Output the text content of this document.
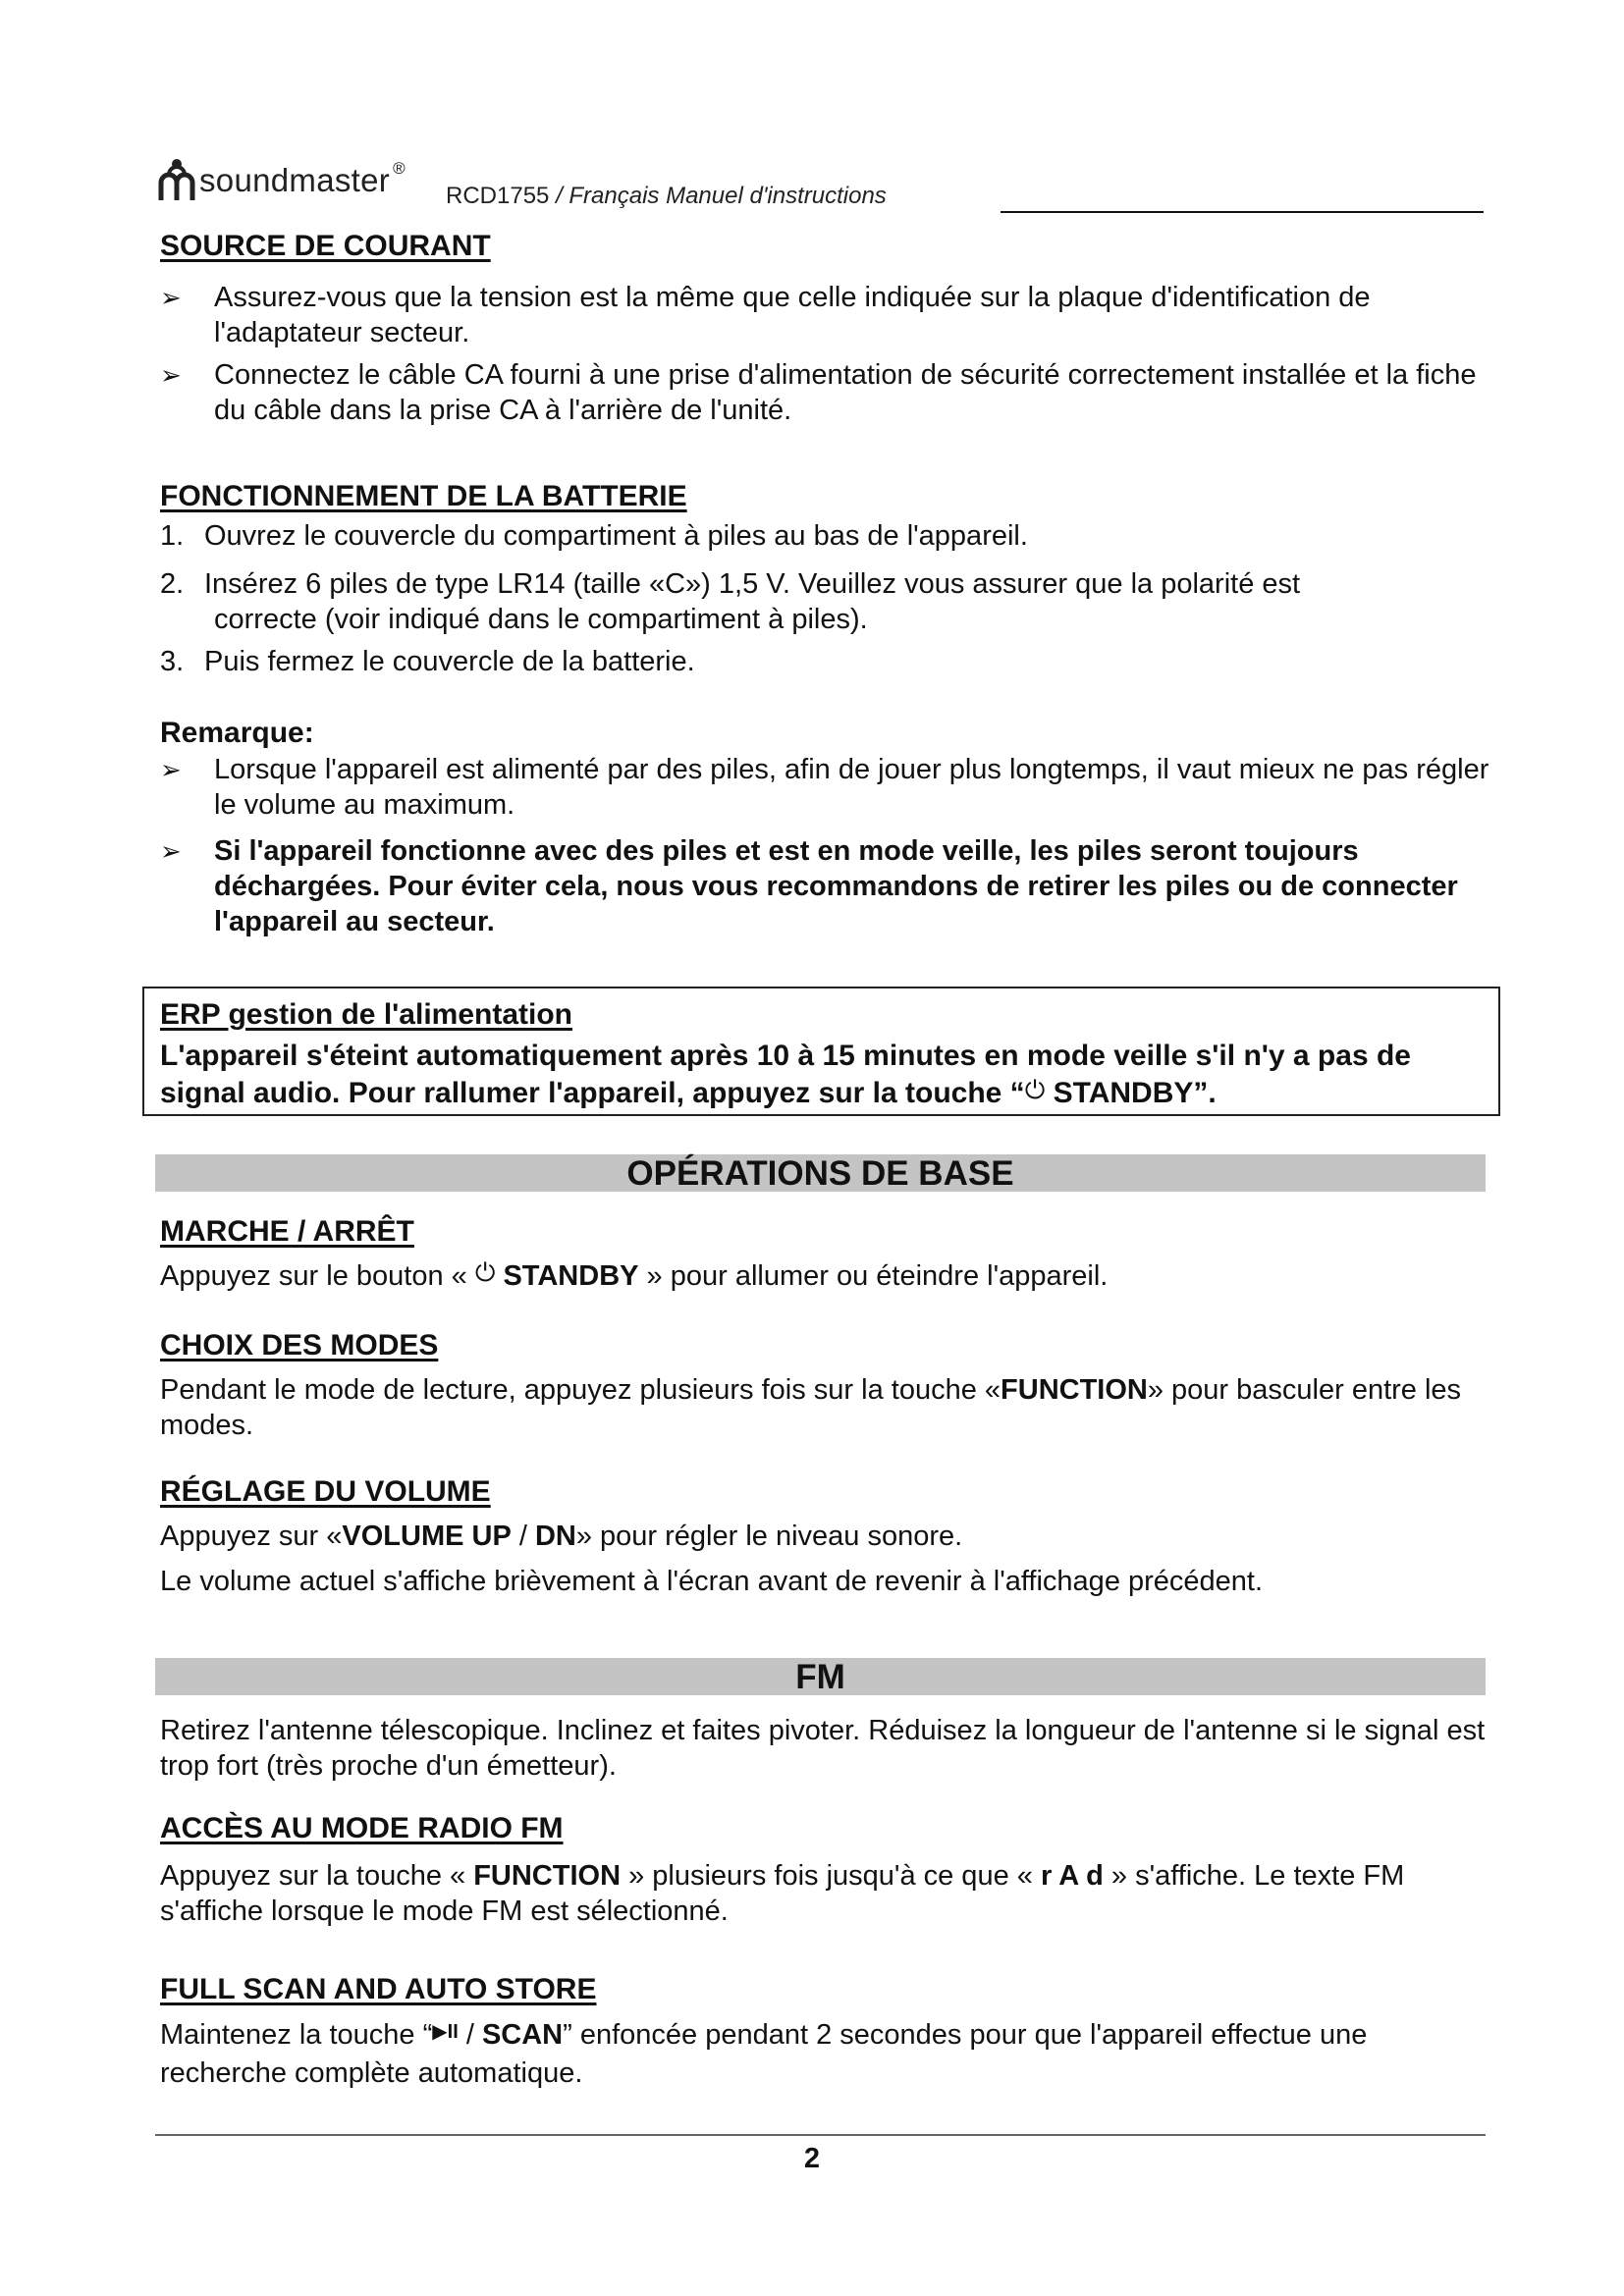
soundmaster ®
RCD1755 / Français Manuel d'instructions
SOURCE DE COURANT
➢ Assurez-vous que la tension est la même que celle indiquée sur la plaque d'identification de l'adaptateur secteur.
➢ Connectez le câble CA fourni à une prise d'alimentation de sécurité correctement installée et la fiche du câble dans la prise CA à l'arrière de l'unité.
FONCTIONNEMENT DE LA BATTERIE
1. Ouvrez le couvercle du compartiment à piles au bas de l'appareil.
2. Insérez 6 piles de type LR14 (taille «C») 1,5 V. Veuillez vous assurer que la polarité est
correcte (voir indiqué dans le compartiment à piles).
3. Puis fermez le couvercle de la batterie.
Remarque:
➢ Lorsque l'appareil est alimenté par des piles, afin de jouer plus longtemps, il vaut mieux ne pas régler le volume au maximum.
➢ Si l'appareil fonctionne avec des piles et est en mode veille, les piles seront toujours déchargées. Pour éviter cela, nous vous recommandons de retirer les piles ou de connecter l'appareil au secteur.
ERP gestion de l'alimentation
L'appareil s'éteint automatiquement après 10 à 15 minutes en mode veille s'il n'y a pas de signal audio. Pour rallumer l'appareil, appuyez sur la touche “⏻ STANDBY”.
OPÉRATIONS DE BASE
MARCHE / ARRÊT
Appuyez sur le bouton « ⏻ STANDBY » pour allumer ou éteindre l'appareil.
CHOIX DES MODES
Pendant le mode de lecture, appuyez plusieurs fois sur la touche «FUNCTION» pour basculer entre les modes.
RÉGLAGE DU VOLUME
Appuyez sur «VOLUME UP / DN» pour régler le niveau sonore.
Le volume actuel s'affiche brièvement à l'écran avant de revenir à l'affichage précédent.
FM
Retirez l'antenne télescopique. Inclinez et faites pivoter. Réduisez la longueur de l'antenne si le signal est trop fort (très proche d'un émetteur).
ACCÈS AU MODE RADIO FM
Appuyez sur la touche « FUNCTION » plusieurs fois jusqu'à ce que « r A d » s'affiche. Le texte FM s'affiche lorsque le mode FM est sélectionné.
FULL SCAN AND AUTO STORE
Maintenez la touche “$^{▶II}$ / SCAN” enfoncée pendant 2 secondes pour que l'appareil effectue une recherche complète automatique.
2
